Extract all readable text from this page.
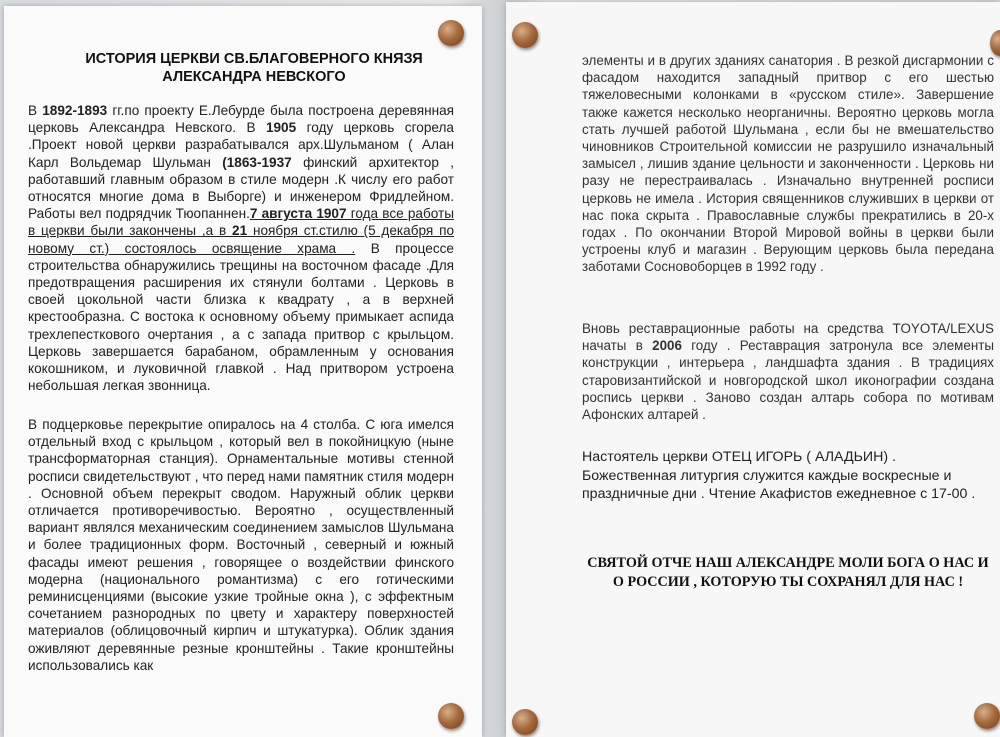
ИСТОРИЯ ЦЕРКВИ СВ.БЛАГОВЕРНОГО КНЯЗЯ АЛЕКСАНДРА НЕВСКОГО

В 1892-1893 гг.по проекту Е.Лебурде была построена деревянная церковь Александра Невского. В 1905 году церковь сгорела .Проект новой церкви разрабатывался арх.Шульманом ( Алан Карл Вольдемар Шульман (1863-1937 финский архитектор , работавший главным образом в стиле модерн .К числу его работ относятся многие дома в Выборге) и инженером Фридлейном. Работы вел подрядчик Тюопаннен.7 августа 1907 года все работы в церкви были закончены ,а в 21 ноября ст.стилю (5 декабря по новому ст.) состоялось освящение храма . В процессе строительства обнаружились трещины на восточном фасаде .Для предотвращения расширения их стянули болтами . Церковь в своей цокольной части близка к квадрату , а в верхней крестообразна. С востока к основному объему примыкает аспида трехлепесткового очертания , а с запада притвор с крыльцом. Церковь завершается барабаном, обрамленным у основания кокошником, и луковичной главкой . Над притвором устроена небольшая легкая звонница.

В подцерковье перекрытие опиралось на 4 столба. С юга имелся отдельный вход с крыльцом , который вел в покойницкую (ныне трансформаторная станция). Орнаментальные мотивы стенной росписи свидетельствуют , что перед нами памятник стиля модерн . Основной объем перекрыт сводом. Наружный облик церкви отличается противоречивостью. Вероятно , осуществленный вариант являлся механическим соединением замыслов Шульмана и более традиционных форм. Восточный , северный и южный фасады имеют решения , говорящее о воздействии финского модерна (национального романтизма) с его готическими реминисценциями (высокие узкие тройные окна ), с эффектным сочетанием разнородных по цвету и характеру поверхностей материалов (облицовочный кирпич и штукатурка). Облик здания оживляют деревянные резные кронштейны . Такие кронштейны использовались как

элементы и в других зданиях санатория . В резкой дисгармонии с фасадом находится западный притвор с его шестью тяжеловесными колонками в «русском стиле». Завершение также кажется несколько неорганичны. Вероятно церковь могла стать лучшей работой Шульмана , если бы не вмешательство чиновников Строительной комиссии не разрушило изначальный замысел , лишив здание цельности и законченности . Церковь ни разу не перестраивалась . Изначально внутренней росписи церковь не имела . История священников служивших в церкви от нас пока скрыта . Православные службы прекратились в 20-х годах . По окончании Второй Мировой войны в церкви были устроены клуб и магазин . Верующим церковь была передана заботами Сосновоборцев в 1992 году .

Вновь реставрационные работы на средства TOYOTA/LEXUS начаты в 2006 году . Реставрация затронула все элементы конструкции , интерьера , ландшафта здания . В традициях старовизантийской и новгородской школ иконографии создана роспись церкви . Заново создан алтарь собора по мотивам Афонских алтарей .

Настоятель церкви ОТЕЦ ИГОРЬ ( АЛАДЬИН) . Божественная литургия служится каждые воскресные и праздничные дни . Чтение Акафистов ежедневное с 17-00 .

СВЯТОЙ ОТЧЕ НАШ АЛЕКСАНДРЕ МОЛИ БОГА О НАС И О РОССИИ , КОТОРУЮ ТЫ СОХРАНЯЛ ДЛЯ НАС !
